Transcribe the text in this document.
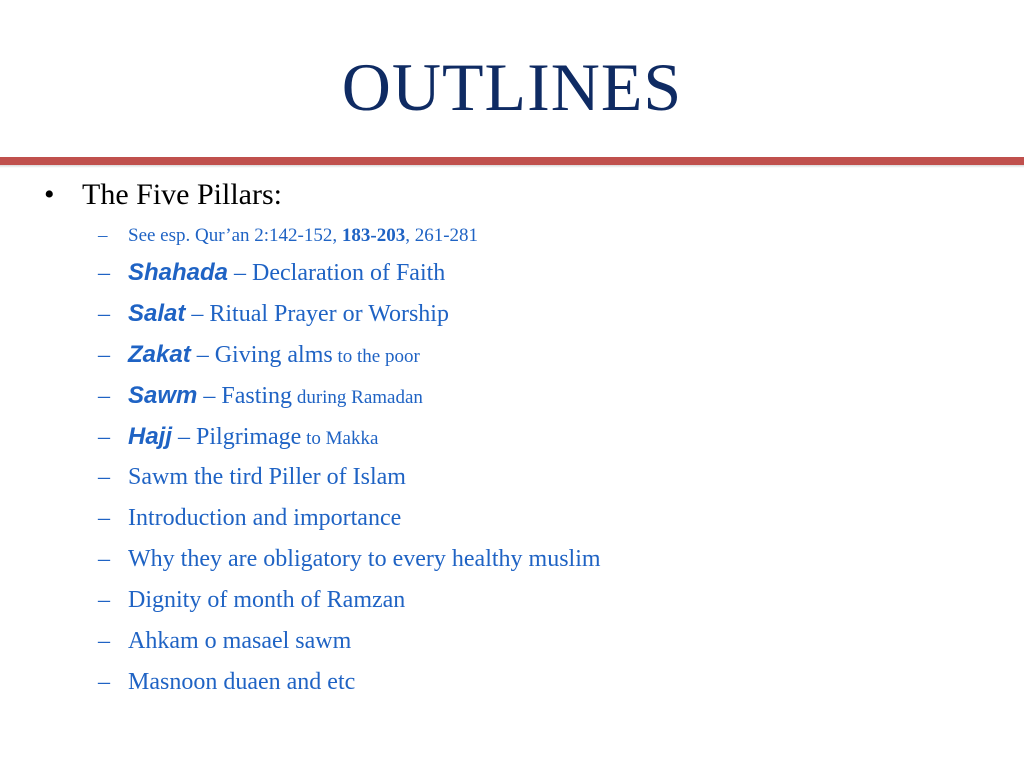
OUTLINES
• The Five Pillars:
– See esp. Qur’an 2:142-152, 183-203, 261-281
– Shahada – Declaration of Faith
– Salat – Ritual Prayer or Worship
– Zakat – Giving alms to the poor
– Sawm – Fasting during Ramadan
– Hajj – Pilgrimage to Makka
– Sawm the tird Piller of Islam
– Introduction and importance
– Why they are obligatory to every healthy muslim
– Dignity of month of Ramzan
– Ahkam o masael sawm
– Masnoon duaen and etc
